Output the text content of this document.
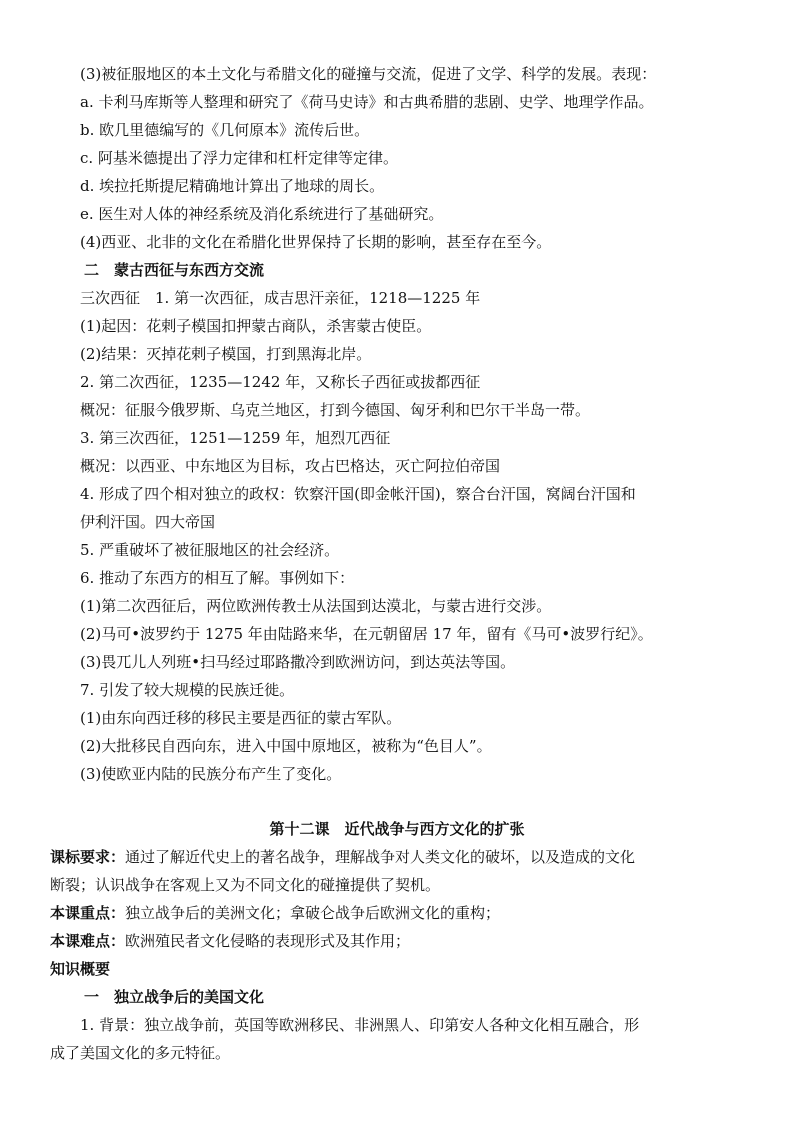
(3)被征服地区的本土文化与希腊文化的碰撞与交流，促进了文学、科学的发展。表现：
a. 卡利马库斯等人整理和研究了《荷马史诗》和古典希腊的悲剧、史学、地理学作品。
b. 欧几里德编写的《几何原本》流传后世。
c. 阿基米德提出了浮力定律和杠杆定律等定律。
d. 埃拉托斯提尼精确地计算出了地球的周长。
e. 医生对人体的神经系统及消化系统进行了基础研究。
(4)西亚、北非的文化在希腊化世界保持了长期的影响，甚至存在至今。
二　蒙古西征与东西方交流
三次西征　1. 第一次西征，成吉思汗亲征，1218—1225 年
(1)起因：花剌子模国扣押蒙古商队，杀害蒙古使臣。
(2)结果：灭掉花剌子模国，打到黑海北岸。
2. 第二次西征，1235—1242 年，又称长子西征或拔都西征
概况：征服今俄罗斯、乌克兰地区，打到今德国、匈牙利和巴尔干半岛一带。
3. 第三次西征，1251—1259 年，旭烈兀西征
概况：以西亚、中东地区为目标，攻占巴格达，灭亡阿拉伯帝国
4. 形成了四个相对独立的政权：钦察汗国(即金帐汗国)，察合台汗国，窝阔台汗国和
伊利汗国。四大帝国
5. 严重破坏了被征服地区的社会经济。
6. 推动了东西方的相互了解。事例如下：
(1)第二次西征后，两位欧洲传教士从法国到达漠北，与蒙古进行交涉。
(2)马可•波罗约于 1275 年由陆路来华，在元朝留居 17 年，留有《马可•波罗行纪》。
(3)畏兀儿人列班•扫马经过耶路撒冷到欧洲访问，到达英法等国。
7. 引发了较大规模的民族迁徙。
(1)由东向西迁移的移民主要是西征的蒙古军队。
(2)大批移民自西向东，进入中国中原地区，被称为“色目人”。
(3)使欧亚内陆的民族分布产生了变化。
第十二课　近代战争与西方文化的扩张
课标要求：通过了解近代史上的著名战争，理解战争对人类文化的破坏，以及造成的文化
断裂；认识战争在客观上又为不同文化的碰撞提供了契机。
本课重点：独立战争后的美洲文化；拿破仑战争后欧洲文化的重构；
本课难点：欧洲殖民者文化侵略的表现形式及其作用；
知识概要
一　独立战争后的美国文化
1. 背景：独立战争前，英国等欧洲移民、非洲黑人、印第安人各种文化相互融合，形
成了美国文化的多元特征。
